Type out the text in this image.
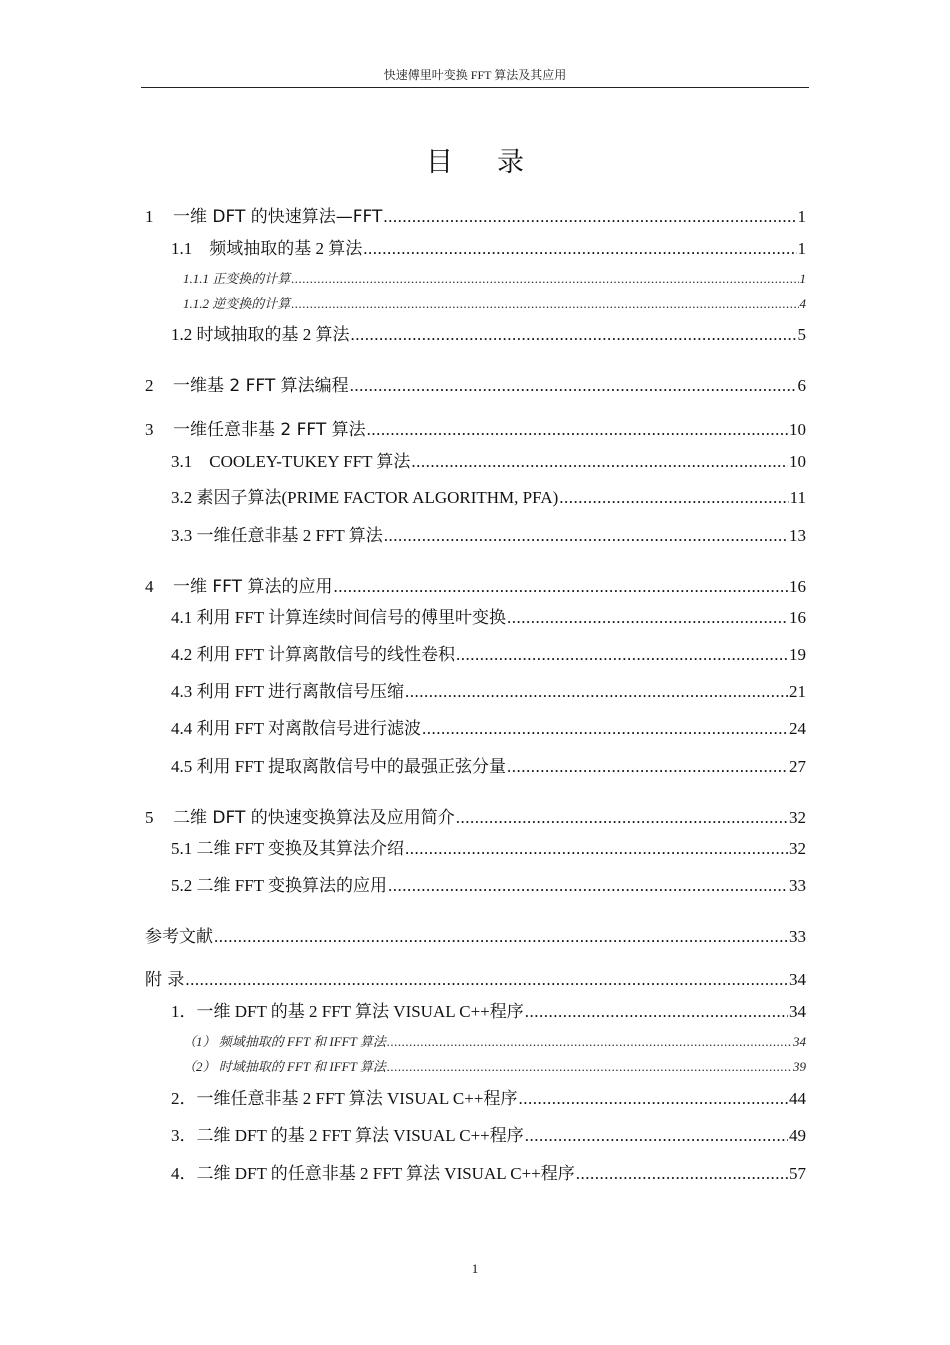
快速傅里叶变换 FFT 算法及其应用
目录
1	一维 DFT 的快速算法—FFT .....	1
1.1　频域抽取的基 2 算法 .....	1
1.1.1 正变换的计算 .....	1
1.1.2 逆变换的计算 .....	4
1.2 时域抽取的基 2 算法 .....	5
2	一维基 2 FFT 算法编程 .....	6
3	一维任意非基 2 FFT 算法 .....	10
3.1　COOLEY-TUKEY FFT 算法 .....	10
3.2 素因子算法(PRIME FACTOR ALGORITHM, PFA) .....	11
3.3 一维任意非基 2 FFT 算法 .....	13
4	一维 FFT 算法的应用 .....	16
4.1 利用 FFT 计算连续时间信号的傅里叶变换 .....	16
4.2 利用 FFT 计算离散信号的线性卷积 .....	19
4.3 利用 FFT 进行离散信号压缩 .....	21
4.4 利用 FFT 对离散信号进行滤波 .....	24
4.5 利用 FFT 提取离散信号中的最强正弦分量 .....	27
5	二维 DFT 的快速变换算法及应用简介 .....	32
5.1 二维 FFT 变换及其算法介绍 .....	32
5.2 二维 FFT 变换算法的应用 .....	33
参考文献 .....	33
附 录 .....	34
1．一维 DFT 的基 2 FFT 算法 VISUAL C++程序 .....	34
（1） 频域抽取的 FFT 和 IFFT 算法 .....	34
（2） 时域抽取的 FFT 和 IFFT 算法 .....	39
2．一维任意非基 2 FFT 算法 VISUAL C++程序 .....	44
3．二维 DFT 的基 2 FFT 算法 VISUAL C++程序 .....	49
4．二维 DFT 的任意非基 2 FFT 算法 VISUAL C++程序 .....	57
1
